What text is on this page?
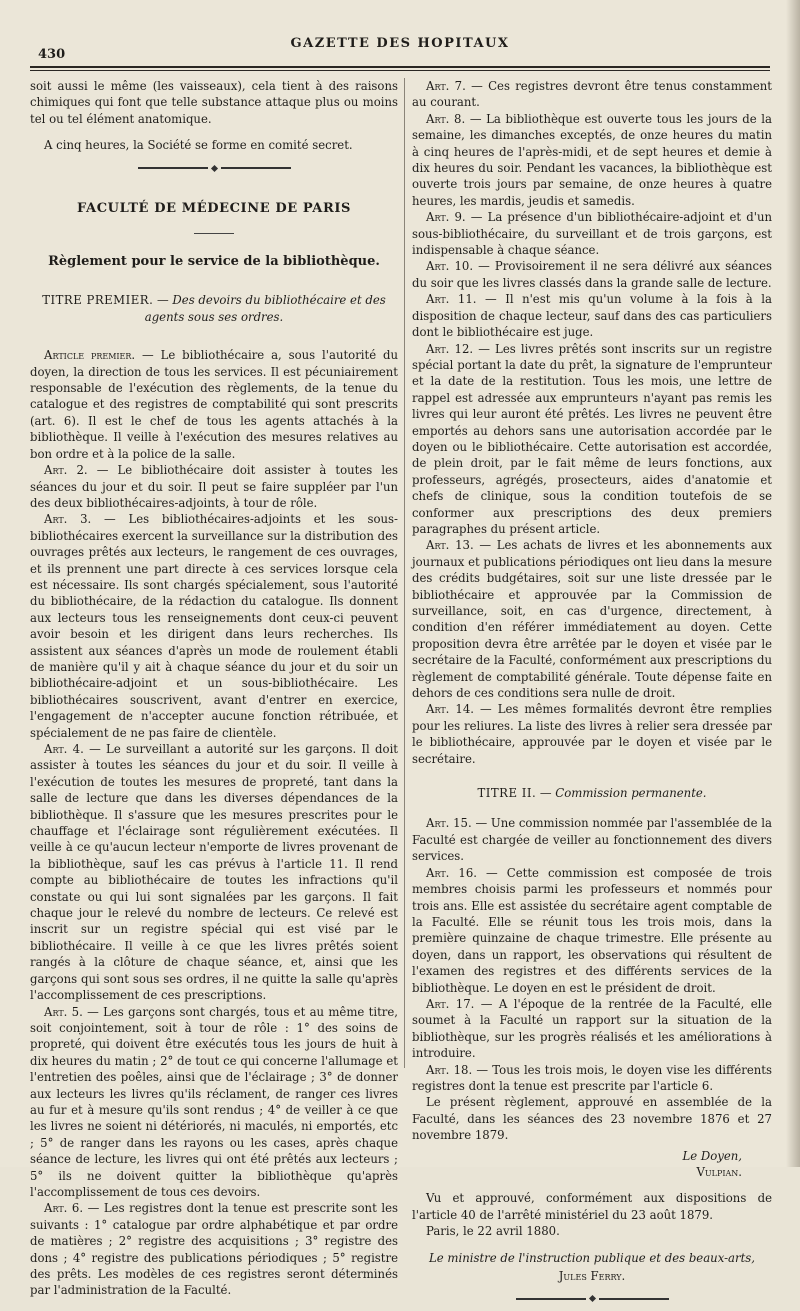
430
GAZETTE DES HOPITAUX

soit aussi le même (les vaisseaux), cela tient à des raisons chimiques qui font que telle substance attaque plus ou moins tel ou tel élément anatomique.

A cinq heures, la Société se forme en comité secret.

FACULTÉ DE MÉDECINE DE PARIS
Règlement pour le service de la bibliothèque.
TITRE PREMIER. — Des devoirs du bibliothécaire et des agents sous ses ordres.

Article premier. — Le bibliothécaire a, sous l'autorité du doyen, la direction de tous les services. Il est pécuniairement responsable de l'exécution des règlements, de la tenue du catalogue et des registres de comptabilité qui sont prescrits (art. 6). Il est le chef de tous les agents attachés à la bibliothèque. Il veille à l'exécution des mesures relatives au bon ordre et à la police de la salle.

Art. 2. — Le bibliothécaire doit assister à toutes les séances du jour et du soir. Il peut se faire suppléer par l'un des deux bibliothécaires-adjoints, à tour de rôle.

Art. 3. — Les bibliothécaires-adjoints et les sous-bibliothécaires exercent la surveillance sur la distribution des ouvrages prêtés aux lecteurs, le rangement de ces ouvrages, et ils prennent une part directe à ces services lorsque cela est nécessaire. Ils sont chargés spécialement, sous l'autorité du bibliothécaire, de la rédaction du catalogue. Ils donnent aux lecteurs tous les renseignements dont ceux-ci peuvent avoir besoin et les dirigent dans leurs recherches. Ils assistent aux séances d'après un mode de roulement établi de manière qu'il y ait à chaque séance du jour et du soir un bibliothécaire-adjoint et un sous-bibliothécaire. Les bibliothécaires souscrivent, avant d'entrer en exercice, l'engagement de n'accepter aucune fonction rétribuée, et spécialement de ne pas faire de clientèle.

Art. 4. — Le surveillant a autorité sur les garçons. Il doit assister à toutes les séances du jour et du soir. Il veille à l'exécution de toutes les mesures de propreté, tant dans la salle de lecture que dans les diverses dépendances de la bibliothèque. Il s'assure que les mesures prescrites pour le chauffage et l'éclairage sont régulièrement exécutées. Il veille à ce qu'aucun lecteur n'emporte de livres provenant de la bibliothèque, sauf les cas prévus à l'article 11. Il rend compte au bibliothécaire de toutes les infractions qu'il constate ou qui lui sont signalées par les garçons. Il fait chaque jour le relevé du nombre de lecteurs. Ce relevé est inscrit sur un registre spécial qui est visé par le bibliothécaire. Il veille à ce que les livres prêtés soient rangés à la clôture de chaque séance, et, ainsi que les garçons qui sont sous ses ordres, il ne quitte la salle qu'après l'accomplissement de ces prescriptions.

Art. 5. — Les garçons sont chargés, tous et au même titre, soit conjointement, soit à tour de rôle : 1° des soins de propreté, qui doivent être exécutés tous les jours de huit à dix heures du matin ; 2° de tout ce qui concerne l'allumage et l'entretien des poêles, ainsi que de l'éclairage ; 3° de donner aux lecteurs les livres qu'ils réclament, de ranger ces livres au fur et à mesure qu'ils sont rendus ; 4° de veiller à ce que les livres ne soient ni détériorés, ni maculés, ni emportés, etc ; 5° de ranger dans les rayons ou les cases, après chaque séance de lecture, les livres qui ont été prêtés aux lecteurs ; 5° ils ne doivent quitter la bibliothèque qu'après l'accomplissement de tous ces devoirs.

Art. 6. — Les registres dont la tenue est prescrite sont les suivants : 1° catalogue par ordre alphabétique et par ordre de matières ; 2° registre des acquisitions ; 3° registre des dons ; 4° registre des publications périodiques ; 5° registre des prêts. Les modèles de ces registres seront déterminés par l'administration de la Faculté.

Art. 7. — Ces registres devront être tenus constamment au courant.

Art. 8. — La bibliothèque est ouverte tous les jours de la semaine, les dimanches exceptés, de onze heures du matin à cinq heures de l'après-midi, et de sept heures et demie à dix heures du soir. Pendant les vacances, la bibliothèque est ouverte trois jours par semaine, de onze heures à quatre heures, les mardis, jeudis et samedis.

Art. 9. — La présence d'un bibliothécaire-adjoint et d'un sous-bibliothécaire, du surveillant et de trois garçons, est indispensable à chaque séance.

Art. 10. — Provisoirement il ne sera délivré aux séances du soir que les livres classés dans la grande salle de lecture.

Art. 11. — Il n'est mis qu'un volume à la fois à la disposition de chaque lecteur, sauf dans des cas particuliers dont le bibliothécaire est juge.

Art. 12. — Les livres prêtés sont inscrits sur un registre spécial portant la date du prêt, la signature de l'emprunteur et la date de la restitution. Tous les mois, une lettre de rappel est adressée aux emprunteurs n'ayant pas remis les livres qui leur auront été prêtés. Les livres ne peuvent être emportés au dehors sans une autorisation accordée par le doyen ou le bibliothécaire. Cette autorisation est accordée, de plein droit, par le fait même de leurs fonctions, aux professeurs, agrégés, prosecteurs, aides d'anatomie et chefs de clinique, sous la condition toutefois de se conformer aux prescriptions des deux premiers paragraphes du présent article.

Art. 13. — Les achats de livres et les abonnements aux journaux et publications périodiques ont lieu dans la mesure des crédits budgétaires, soit sur une liste dressée par le bibliothécaire et approuvée par la Commission de surveillance, soit, en cas d'urgence, directement, à condition d'en référer immédiatement au doyen. Cette proposition devra être arrêtée par le doyen et visée par le secrétaire de la Faculté, conformément aux prescriptions du règlement de comptabilité générale. Toute dépense faite en dehors de ces conditions sera nulle de droit.

Art. 14. — Les mêmes formalités devront être remplies pour les reliures. La liste des livres à relier sera dressée par le bibliothécaire, approuvée par le doyen et visée par le secrétaire.

TITRE II. — Commission permanente.

Art. 15. — Une commission nommée par l'assemblée de la Faculté est chargée de veiller au fonctionnement des divers services.

Art. 16. — Cette commission est composée de trois membres choisis parmi les professeurs et nommés pour trois ans. Elle est assistée du secrétaire agent comptable de la Faculté. Elle se réunit tous les trois mois, dans la première quinzaine de chaque trimestre. Elle présente au doyen, dans un rapport, les observations qui résultent de l'examen des registres et des différents services de la bibliothèque. Le doyen en est le président de droit.

Art. 17. — A l'époque de la rentrée de la Faculté, elle soumet à la Faculté un rapport sur la situation de la bibliothèque, sur les progrès réalisés et les améliorations à introduire.

Art. 18. — Tous les trois mois, le doyen vise les différents registres dont la tenue est prescrite par l'article 6.

Le présent règlement, approuvé en assemblée de la Faculté, dans les séances des 23 novembre 1876 et 27 novembre 1879.

Le Doyen,
Vulpian.

Vu et approuvé, conformément aux dispositions de l'article 40 de l'arrêté ministériel du 23 août 1879.

Paris, le 22 avril 1880.

Le ministre de l'instruction publique et des beaux-arts,
Jules Ferry.
